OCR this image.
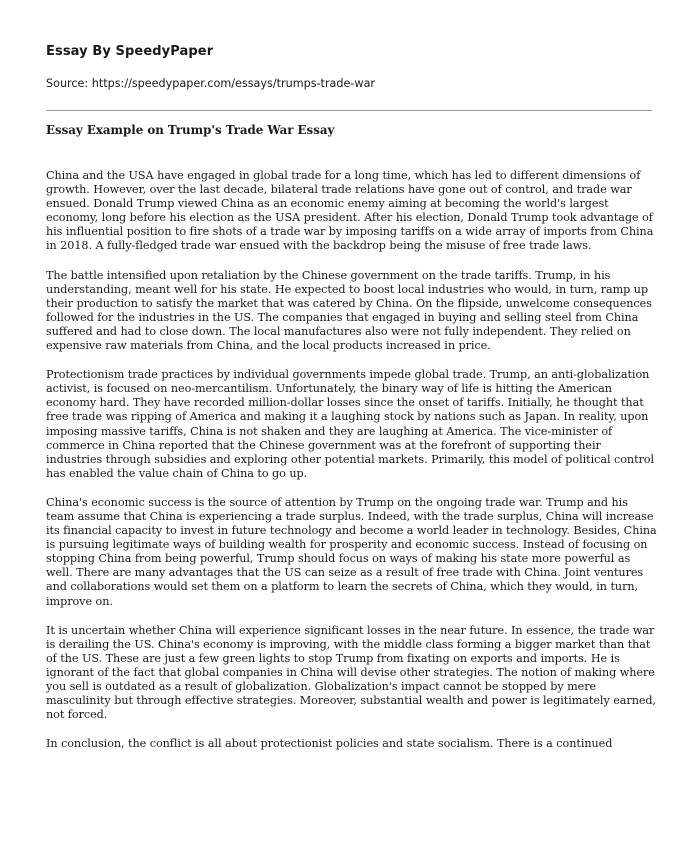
Essay By SpeedyPaper

Source: https://speedypaper.com/essays/trumps-trade-war

Essay Example on Trump's Trade War Essay

China and the USA have engaged in global trade for a long time, which has led to different dimensions of growth. However, over the last decade, bilateral trade relations have gone out of control, and trade war ensued. Donald Trump viewed China as an economic enemy aiming at becoming the world's largest economy, long before his election as the USA president. After his election, Donald Trump took advantage of his influential position to fire shots of a trade war by imposing tariffs on a wide array of imports from China in 2018. A fully-fledged trade war ensued with the backdrop being the misuse of free trade laws.

The battle intensified upon retaliation by the Chinese government on the trade tariffs. Trump, in his understanding, meant well for his state. He expected to boost local industries who would, in turn, ramp up their production to satisfy the market that was catered by China. On the flipside, unwelcome consequences followed for the industries in the US. The companies that engaged in buying and selling steel from China suffered and had to close down. The local manufactures also were not fully independent. They relied on expensive raw materials from China, and the local products increased in price.

Protectionism trade practices by individual governments impede global trade. Trump, an anti-globalization activist, is focused on neo-mercantilism. Unfortunately, the binary way of life is hitting the American economy hard. They have recorded million-dollar losses since the onset of tariffs. Initially, he thought that free trade was ripping of America and making it a laughing stock by nations such as Japan. In reality, upon imposing massive tariffs, China is not shaken and they are laughing at America. The vice-minister of commerce in China reported that the Chinese government was at the forefront of supporting their industries through subsidies and exploring other potential markets. Primarily, this model of political control has enabled the value chain of China to go up.

China's economic success is the source of attention by Trump on the ongoing trade war. Trump and his team assume that China is experiencing a trade surplus. Indeed, with the trade surplus, China will increase its financial capacity to invest in future technology and become a world leader in technology. Besides, China is pursuing legitimate ways of building wealth for prosperity and economic success. Instead of focusing on stopping China from being powerful, Trump should focus on ways of making his state more powerful as well. There are many advantages that the US can seize as a result of free trade with China. Joint ventures and collaborations would set them on a platform to learn the secrets of China, which they would, in turn, improve on.

It is uncertain whether China will experience significant losses in the near future. In essence, the trade war is derailing the US. China's economy is improving, with the middle class forming a bigger market than that of the US. These are just a few green lights to stop Trump from fixating on exports and imports. He is ignorant of the fact that global companies in China will devise other strategies. The notion of making where you sell is outdated as a result of globalization. Globalization's impact cannot be stopped by mere masculinity but through effective strategies. Moreover, substantial wealth and power is legitimately earned, not forced.

In conclusion, the conflict is all about protectionist policies and state socialism. There is a continued
